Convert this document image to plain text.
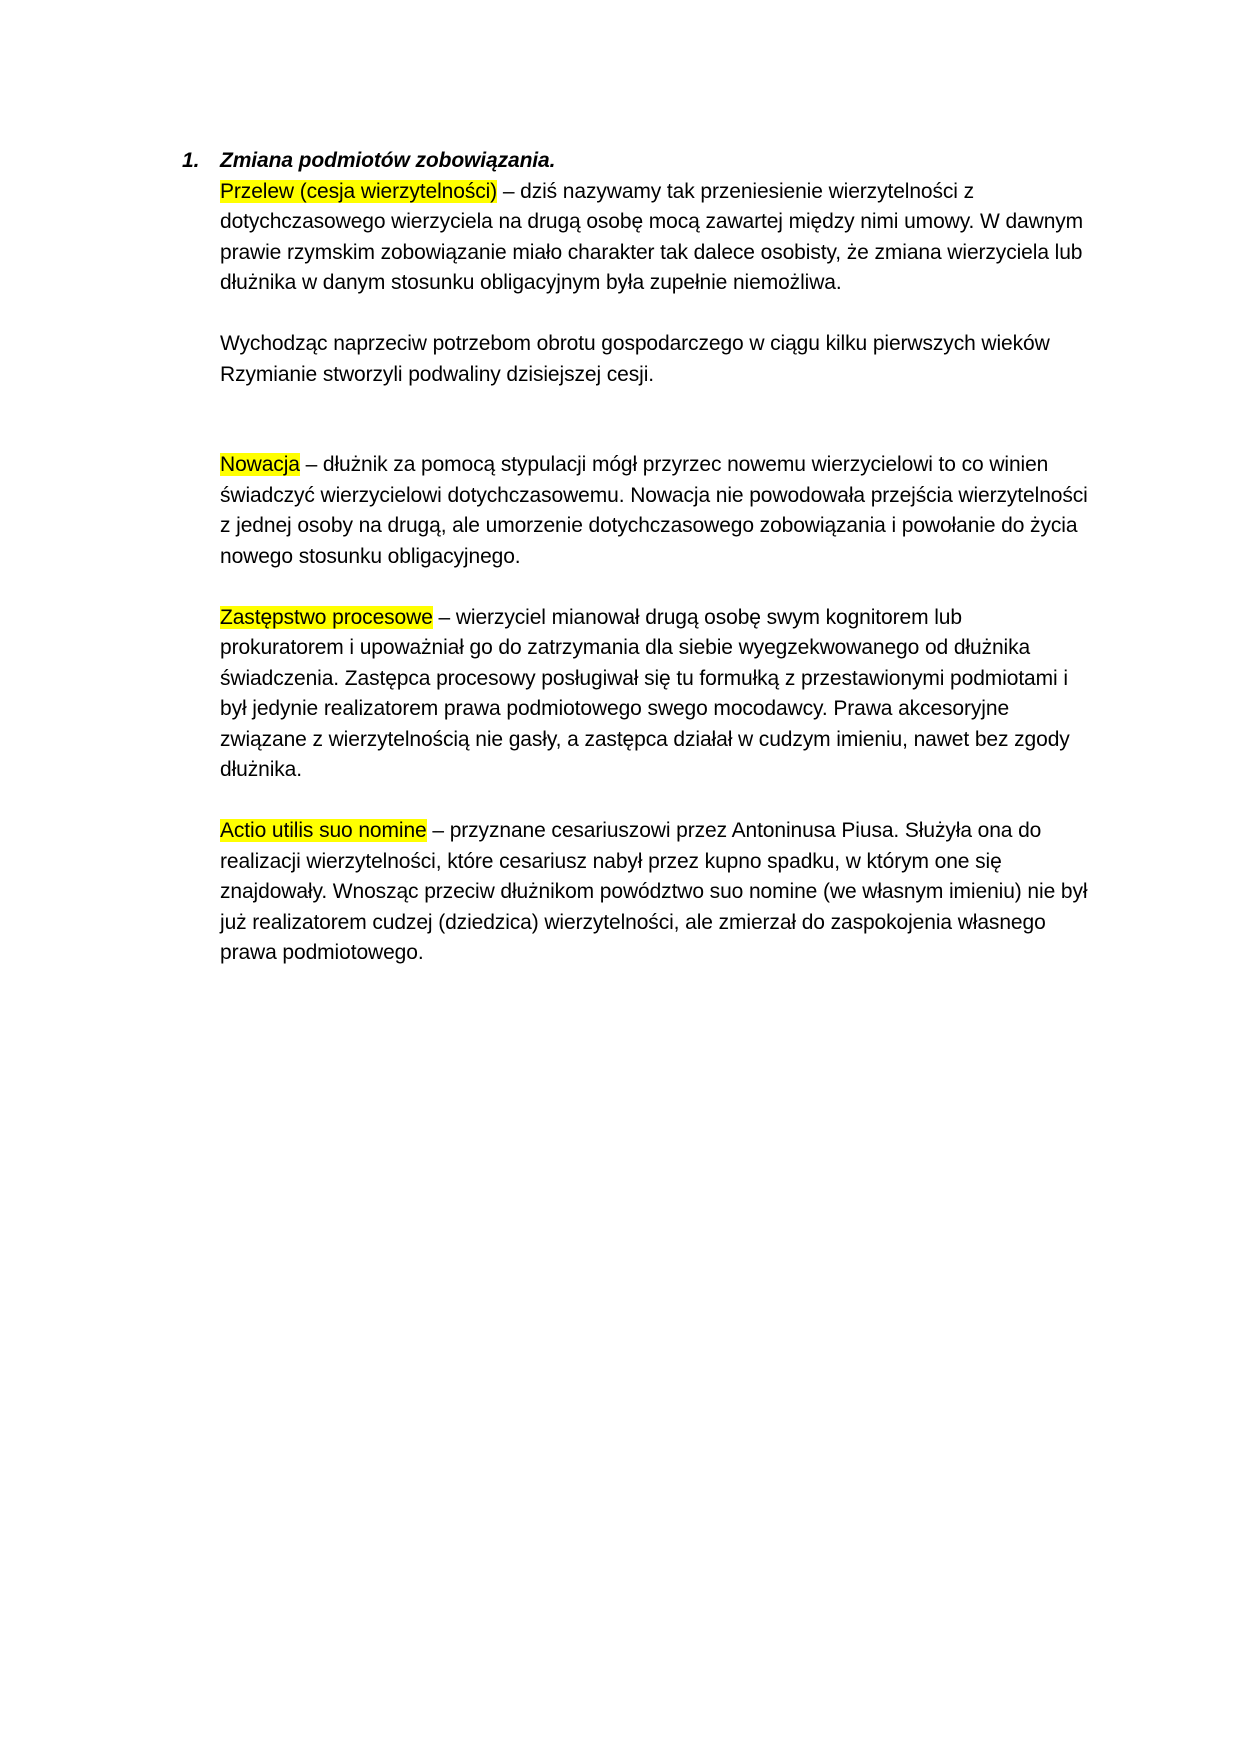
1. Zmiana podmiotów zobowiązania.

Przelew (cesja wierzytelności) – dziś nazywamy tak przeniesienie wierzytelności z dotychczasowego wierzyciela na drugą osobę mocą zawartej między nimi umowy. W dawnym prawie rzymskim zobowiązanie miało charakter tak dalece osobisty, że zmiana wierzyciela lub dłużnika w danym stosunku obligacyjnym była zupełnie niemożliwa.

Wychodząc naprzeciw potrzebom obrotu gospodarczego w ciągu kilku pierwszych wieków Rzymianie stworzyli podwaliny dzisiejszej cesji.

Nowacja – dłużnik za pomocą stypulacji mógł przyrzec nowemu wierzycielowi to co winien świadczyć wierzycielowi dotychczasowemu. Nowacja nie powodowała przejścia wierzytelności z jednej osoby na drugą, ale umorzenie dotychczasowego zobowiązania i powołanie do życia nowego stosunku obligacyjnego.

Zastępstwo procesowe – wierzyciel mianował drugą osobę swym kognitorem lub prokuratorem i upoważniał go do zatrzymania dla siebie wyegzekwowanego od dłużnika świadczenia. Zastępca procesowy posługiwał się tu formułką z przestawionymi podmiotami i był jedynie realizatorem prawa podmiotowego swego mocodawcy. Prawa akcesoryjne związane z wierzytelnością nie gasły, a zastępca działał w cudzym imieniu, nawet bez zgody dłużnika.

Actio utilis suo nomine – przyznane cesariuszowi przez Antoninusa Piusa. Służyła ona do realizacji wierzytelności, które cesariusz nabył przez kupno spadku, w którym one się znajdowały. Wnosząc przeciw dłużnikom powództwo suo nomine (we własnym imieniu) nie był już realizatorem cudzej (dziedzica) wierzytelności, ale zmierzał do zaspokojenia własnego prawa podmiotowego.
